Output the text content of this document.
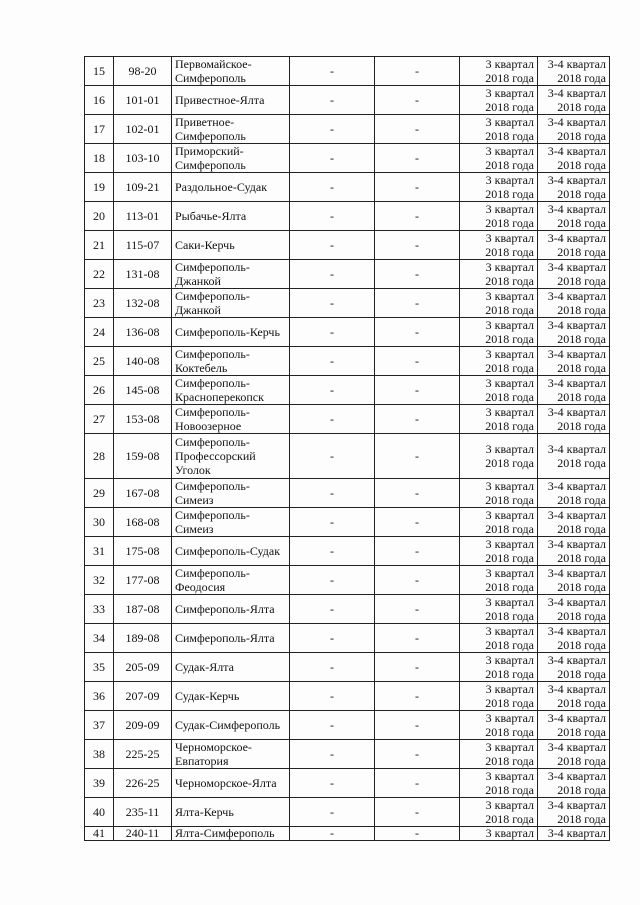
15	98-20	Первомайское-
Симферополь	-	-	3 квартал
2018 года	3-4 квартал
2018 года
16	101-01	Привестное-Ялта	-	-	3 квартал
2018 года	3-4 квартал
2018 года
17	102-01	Приветное-
Симферополь	-	-	3 квартал
2018 года	3-4 квартал
2018 года
18	103-10	Приморский-
Симферополь	-	-	3 квартал
2018 года	3-4 квартал
2018 года
19	109-21	Раздольное-Судак	-	-	3 квартал
2018 года	3-4 квартал
2018 года
20	113-01	Рыбачье-Ялта	-	-	3 квартал
2018 года	3-4 квартал
2018 года
21	115-07	Саки-Керчь	-	-	3 квартал
2018 года	3-4 квартал
2018 года
22	131-08	Симферополь-
Джанкой	-	-	3 квартал
2018 года	3-4 квартал
2018 года
23	132-08	Симферополь-
Джанкой	-	-	3 квартал
2018 года	3-4 квартал
2018 года
24	136-08	Симферополь-Керчь	-	-	3 квартал
2018 года	3-4 квартал
2018 года
25	140-08	Симферополь-
Коктебель	-	-	3 квартал
2018 года	3-4 квартал
2018 года
26	145-08	Симферополь-
Красноперекопск	-	-	3 квартал
2018 года	3-4 квартал
2018 года
27	153-08	Симферополь-
Новоозерное	-	-	3 квартал
2018 года	3-4 квартал
2018 года
28	159-08	Симферополь-
Профессорский
Уголок	-	-	3 квартал
2018 года	3-4 квартал
2018 года
29	167-08	Симферополь-
Симеиз	-	-	3 квартал
2018 года	3-4 квартал
2018 года
30	168-08	Симферополь-
Симеиз	-	-	3 квартал
2018 года	3-4 квартал
2018 года
31	175-08	Симферополь-Судак	-	-	3 квартал
2018 года	3-4 квартал
2018 года
32	177-08	Симферополь-
Феодосия	-	-	3 квартал
2018 года	3-4 квартал
2018 года
33	187-08	Симферополь-Ялта	-	-	3 квартал
2018 года	3-4 квартал
2018 года
34	189-08	Симферополь-Ялта	-	-	3 квартал
2018 года	3-4 квартал
2018 года
35	205-09	Судак-Ялта	-	-	3 квартал
2018 года	3-4 квартал
2018 года
36	207-09	Судак-Керчь	-	-	3 квартал
2018 года	3-4 квартал
2018 года
37	209-09	Судак-Симферополь	-	-	3 квартал
2018 года	3-4 квартал
2018 года
38	225-25	Черноморское-
Евпатория	-	-	3 квартал
2018 года	3-4 квартал
2018 года
39	226-25	Черноморское-Ялта	-	-	3 квартал
2018 года	3-4 квартал
2018 года
40	235-11	Ялта-Керчь	-	-	3 квартал
2018 года	3-4 квартал
2018 года
41	240-11	Ялта-Симферополь	-	-	3 квартал	3-4 квартал
